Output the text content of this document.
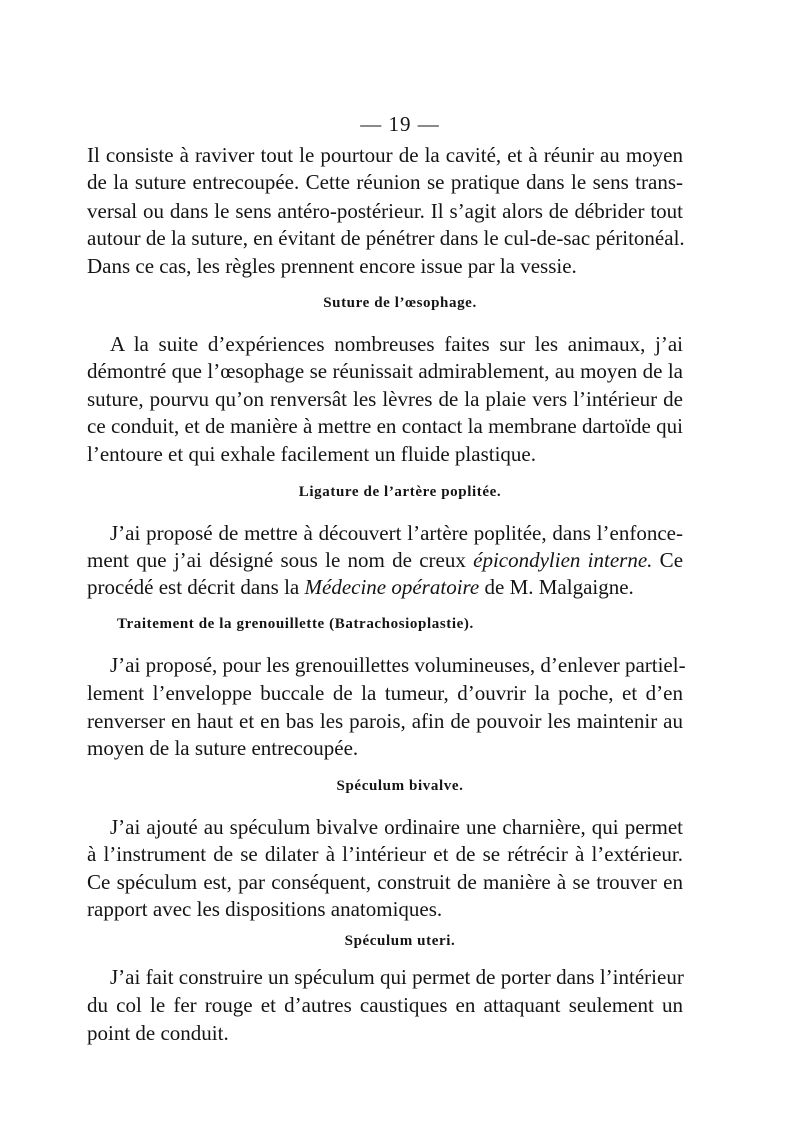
— 19 —
Il consiste à raviver tout le pourtour de la cavité, et à réunir au moyen
de la suture entrecoupée. Cette réunion se pratique dans le sens trans-
versal ou dans le sens antéro-postérieur. Il s’agit alors de débrider tout
autour de la suture, en évitant de pénétrer dans le cul-de-sac péritonéal.
Dans ce cas, les règles prennent encore issue par la vessie.
Suture de l’œsophage.
A la suite d’expériences nombreuses faites sur les animaux, j’ai
démontré que l’œsophage se réunissait admirablement, au moyen de la
suture, pourvu qu’on renversât les lèvres de la plaie vers l’intérieur de
ce conduit, et de manière à mettre en contact la membrane dartoïde qui
l’entoure et qui exhale facilement un fluide plastique.
Ligature de l’artère poplitée.
J’ai proposé de mettre à découvert l’artère poplitée, dans l’enfonce-
ment que j’ai désigné sous le nom de creux épicondylien interne. Ce
procédé est décrit dans la Médecine opératoire de M. Malgaigne.
Traitement de la grenouillette (Batrachosioplastie).
J’ai proposé, pour les grenouillettes volumineuses, d’enlever partiel-
lement l’enveloppe buccale de la tumeur, d’ouvrir la poche, et d’en
renverser en haut et en bas les parois, afin de pouvoir les maintenir au
moyen de la suture entrecoupée.
Spéculum bivalve.
J’ai ajouté au spéculum bivalve ordinaire une charnière, qui permet
à l’instrument de se dilater à l’intérieur et de se rétrécir à l’extérieur.
Ce spéculum est, par conséquent, construit de manière à se trouver en
rapport avec les dispositions anatomiques.
Spéculum uteri.
J’ai fait construire un spéculum qui permet de porter dans l’intérieur
du col le fer rouge et d’autres caustiques en attaquant seulement un
point de conduit.
